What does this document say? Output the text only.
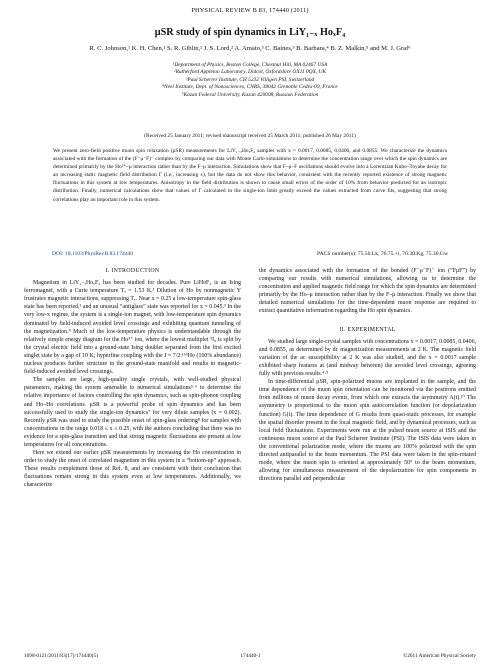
PHYSICAL REVIEW B 83, 174440 (2011)
μSR study of spin dynamics in LiY₁₋ₓ HoₓF₄
R. C. Johnson,¹ K. H. Chen,¹ S. R. Giblin,² J. S. Lord,² A. Amato,³ C. Baines,³ B. Barbara,⁴ B. Z. Malkin,⁵ and M. J. Graf⁶
¹Department of Physics, Boston College, Chestnut Hill, MA 02467 USA
²Rutherford Appleton Laboratory, Didcot, Oxfordshire OX11 0QX, UK
³Paul Scherrer Institute, CH 5232 Villigen PSI, Switzerland
⁴Néel Institute, Dept. of Nanosciences, CNRS, 38042 Grenoble Cedex-09, France
⁵Kazan Federal University, Kazan 420008, Russian Federation
(Received 25 January 2011; revised manuscript received 25 March 2011; published 26 May 2011)
We present zero-field positive muon spin relaxation (μSR) measurements for LiY₁₋ₓHoₓF₄ samples with x = 0.0017, 0.0085, 0.0406, and 0.0855. We characterize the dynamics associated with the formation of the (F⁻μ⁻F)⁻ complex by comparing our data with Monte Carlo simulations to determine the concentration range over which the spin dynamics are determined primarily by the Ho³⁺–μ interaction rather than by the F–μ interaction. Simulations show that F–μ–F oscillations should evolve into a Lorentzian Kubo–Toyabe decay for an increasing static magnetic field distribution Γ (i.e., increasing x), but the data do not show this behavior, consistent with the recently reported existence of strong magnetic fluctuations in this system at low temperatures. Anisotropy in the field distribution is shown to cause small errors of the order of 10% from behavior predicted for an isotropic distribution. Finally, numerical calculations show that values of Γ calculated in the single-ion limit greatly exceed the values extracted from curve fits, suggesting that strong correlations play an important role in this system.
DOI: 10.1103/PhysRevB.83.174440	PACS number(s): 75.50.Lk, 76.75.+i, 76.30.Kg, 75.30.Gw
I. INTRODUCTION

Magnetism in LiY₁₋ₓHoₓF₄ has been studied for decades. Pure LiHoF₄ is an Ising ferromagnet, with a Curie temperature Tₓ = 1.53 K.¹ Dilution of Ho by nonmagnetic Y frustrates magnetic interactions, suppressing Tₓ. Near x = 0.25 a low-temperature spin-glass state has been reported,² and an unusual “antiglass” state was reported for x = 0.045.³ In the very low-x regime, the system is a single-ion magnet, with low-temperature spin dynamics dominated by field-induced avoided level crossings and exhibiting quantum tunneling of the magnetization.⁴ Much of the low-temperature physics is understandable through the relatively simple energy diagram for the Ho³⁺ ion, where the lowest multiplet ⁵I₈ is split by the crystal electric field into a ground-state Ising doublet separated from the first excited singlet state by a gap of 10 K; hyperfine coupling with the I = 7/2 ¹⁶⁵Ho (100% abundance) nucleus produces further structure in the ground-state manifold and results in magnetic-field-induced avoided level crossings.

The samples are large, high-quality single crystals, with well-studied physical parameters, making the system amenable to numerical simulations⁵·⁶ to determine the relative importance of factors controlling the spin dynamics, such as spin-phonon coupling and Ho–Ho correlations. μSR is a powerful probe of spin dynamics and has been successfully used to study the single-ion dynamics⁷ for very dilute samples (x = 0.002). Recently μSR was used to study the possible onset of spin-glass ordering⁸ for samples with concentrations in the range 0.018 ≤ x ≤ 0.25, with the authors concluding that there was no evidence for a spin-glass transition and that strong magnetic fluctuations are present at low temperatures for all concentrations.

Here we extend our earlier μSR measurements by increasing the Ho concentration in order to study the onset of correlated magnetism in this system in a “bottom-up” approach. These results complement those of Ref. 8, and are consistent with their conclusion that fluctuations remain strong in this system even at low temperatures. Additionally, we characterize

the dynamics associated with the formation of the bonded (F⁻μ⁻F)⁻ ion (“FμF”) by comparing our results with numerical simulations, allowing us to determine the concentration and applied magnetic field range for which the spin dynamics are determined primarily by the Ho–μ interaction rather than by the F–μ interaction. Finally we show that detailed numerical simulations for the time-dependent muon response are required to extract quantitative information regarding the Ho spin dynamics.

II. EXPERIMENTAL

We studied large single-crystal samples with concentrations x = 0.0017, 0.0085, 0.0406, and 0.0855, as determined by dc magnetization measurements at 2 K. The magnetic field variation of the ac susceptibility at 2 K was also studied, and the x = 0.0017 sample exhibited sharp features at (and midway between) the avoided level crossings, agreeing fully with previous results.⁴·⁹

In time-differential μSR, spin-polarized muons are implanted in the sample, and the time dependence of the muon spin orientation can be monitored via the positrons emitted from millions of muon decay events, from which one extracts the asymmetry A(t).¹⁰ The asymmetry is proportional to the muon spin autocorrelation function (or depolarization function) G(t). The time dependence of G results from quasi-static processes, for example the spatial disorder present in the local magnetic field, and by dynamical processes, such as local field fluctuations. Experiments were run at the pulsed muon source at ISIS and the continuous muon source at the Paul Scherrer Institute (PSI). The ISIS data were taken in the conventional polarization mode, where the muons are 100% polarized with the spin directed antiparallel to the beam momentum. The PSI data were taken in the spin-rotated mode, where the muon spin is oriented at approximately 50° to the beam momentum, allowing for simultaneous measurement of the depolarization for spin components in directions parallel and perpendicular

1098-0121/2011/83(17)/174440(5)	174440-1	©2011 American Physical Society
